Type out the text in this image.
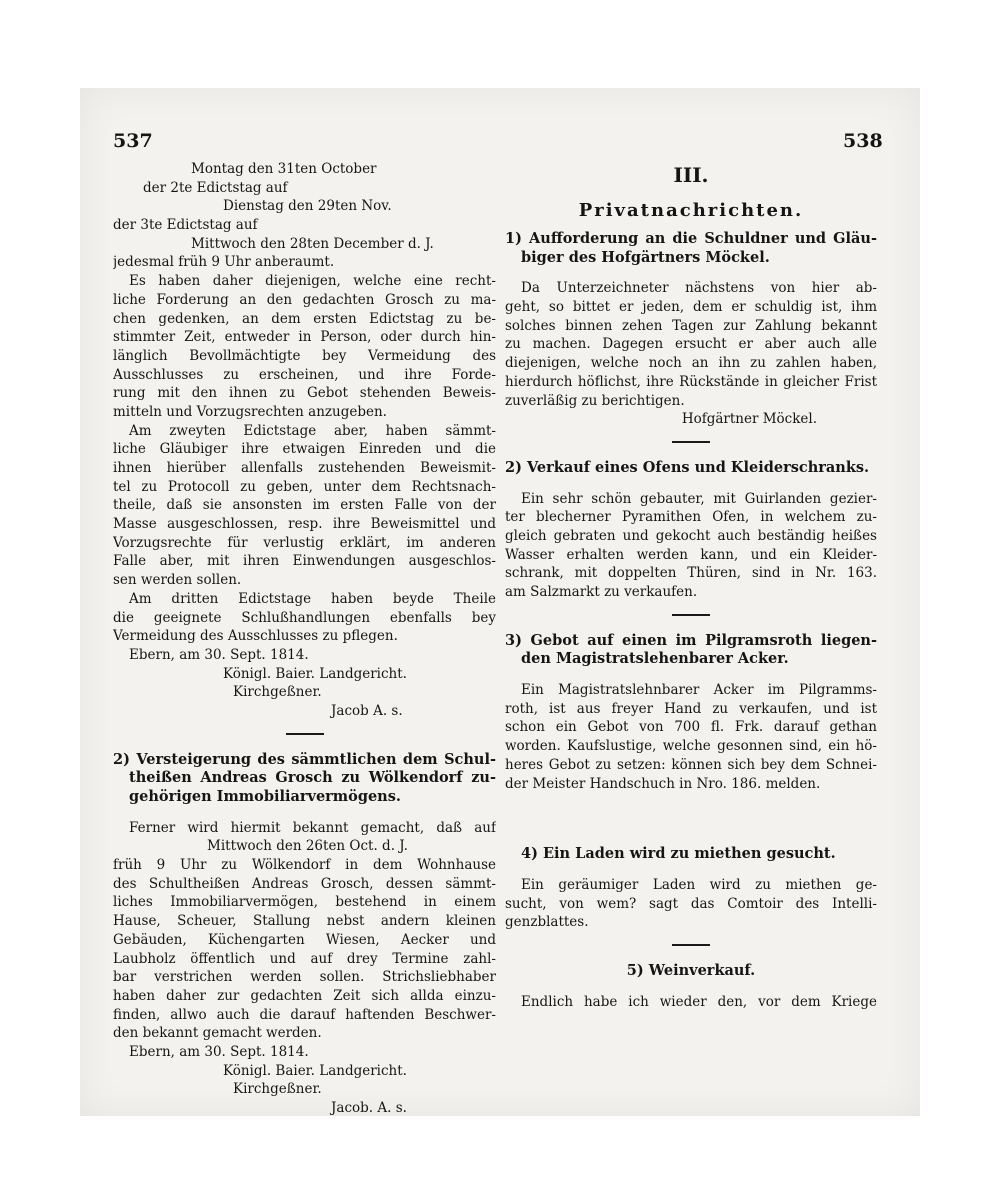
537	538
Montag den 31ten October
der 2te Edictstag auf
Dienstag den 29ten Nov.
der 3te Edictstag auf
Mittwoch den 28ten December d. J.
jedesmal früh 9 Uhr anberaumt.
Es haben daher diejenigen, welche eine recht-
liche Forderung an den gedachten Grosch zu ma-
chen gedenken, an dem ersten Edictstag zu be-
stimmter Zeit, entweder in Person, oder durch hin-
länglich Bevollmächtigte bey Vermeidung des
Ausschlusses zu erscheinen, und ihre Forde-
rung mit den ihnen zu Gebot stehenden Beweis-
mitteln und Vorzugsrechten anzugeben.
Am zweyten Edictstage aber, haben sämmt-
liche Gläubiger ihre etwaigen Einreden und die
ihnen hierüber allenfalls zustehenden Beweismit-
tel zu Protocoll zu geben, unter dem Rechtsnach-
theile, daß sie ansonsten im ersten Falle von der
Masse ausgeschlossen, resp. ihre Beweismittel und
Vorzugsrechte für verlustig erklärt, im anderen
Falle aber, mit ihren Einwendungen ausgeschlos-
sen werden sollen.
Am dritten Edictstage haben beyde Theile
die geeignete Schlußhandlungen ebenfalls bey
Vermeidung des Ausschlusses zu pflegen.
Ebern, am 30. Sept. 1814.
Königl. Baier. Landgericht.
Kirchgeßner.
Jacob A. s.
2) Versteigerung des sämmtlichen dem Schul-
theißen Andreas Grosch zu Wölkendorf zu-
gehörigen Immobiliarvermögens.
Ferner wird hiermit bekannt gemacht, daß auf
Mittwoch den 26ten Oct. d. J.
früh 9 Uhr zu Wölkendorf in dem Wohnhause
des Schultheißen Andreas Grosch, dessen sämmt-
liches Immobiliarvermögen, bestehend in einem
Hause, Scheuer, Stallung nebst andern kleinen
Gebäuden, Küchengarten Wiesen, Aecker und
Laubholz öffentlich und auf drey Termine zahl-
bar verstrichen werden sollen. Strichsliebhaber
haben daher zur gedachten Zeit sich allda einzu-
finden, allwo auch die darauf haftenden Beschwer-
den bekannt gemacht werden.
Ebern, am 30. Sept. 1814.
Königl. Baier. Landgericht.
Kirchgeßner.
Jacob. A. s.
III.
Privatnachrichten.
1) Aufforderung an die Schuldner und Gläu-
biger des Hofgärtners Möckel.
Da Unterzeichneter nächstens von hier ab-
geht, so bittet er jeden, dem er schuldig ist, ihm
solches binnen zehen Tagen zur Zahlung bekannt
zu machen. Dagegen ersucht er aber auch alle
diejenigen, welche noch an ihn zu zahlen haben,
hierdurch höflichst, ihre Rückstände in gleicher Frist
zuverläßig zu berichtigen.
Hofgärtner Möckel.
2) Verkauf eines Ofens und Kleiderschranks.
Ein sehr schön gebauter, mit Guirlanden gezier-
ter blecherner Pyramithen Ofen, in welchem zu-
gleich gebraten und gekocht auch beständig heißes
Wasser erhalten werden kann, und ein Kleider-
schrank, mit doppelten Thüren, sind in Nr. 163.
am Salzmarkt zu verkaufen.
3) Gebot auf einen im Pilgramsroth liegen-
den Magistratslehenbarer Acker.
Ein Magistratslehnbarer Acker im Pilgramms-
roth, ist aus freyer Hand zu verkaufen, und ist
schon ein Gebot von 700 fl. Frk. darauf gethan
worden. Kaufslustige, welche gesonnen sind, ein hö-
heres Gebot zu setzen: können sich bey dem Schnei-
der Meister Handschuch in Nro. 186. melden.
4) Ein Laden wird zu miethen gesucht.
Ein geräumiger Laden wird zu miethen ge-
sucht, von wem? sagt das Comtoir des Intelli-
genzblattes.
5) Weinverkauf.
Endlich habe ich wieder den, vor dem Kriege
